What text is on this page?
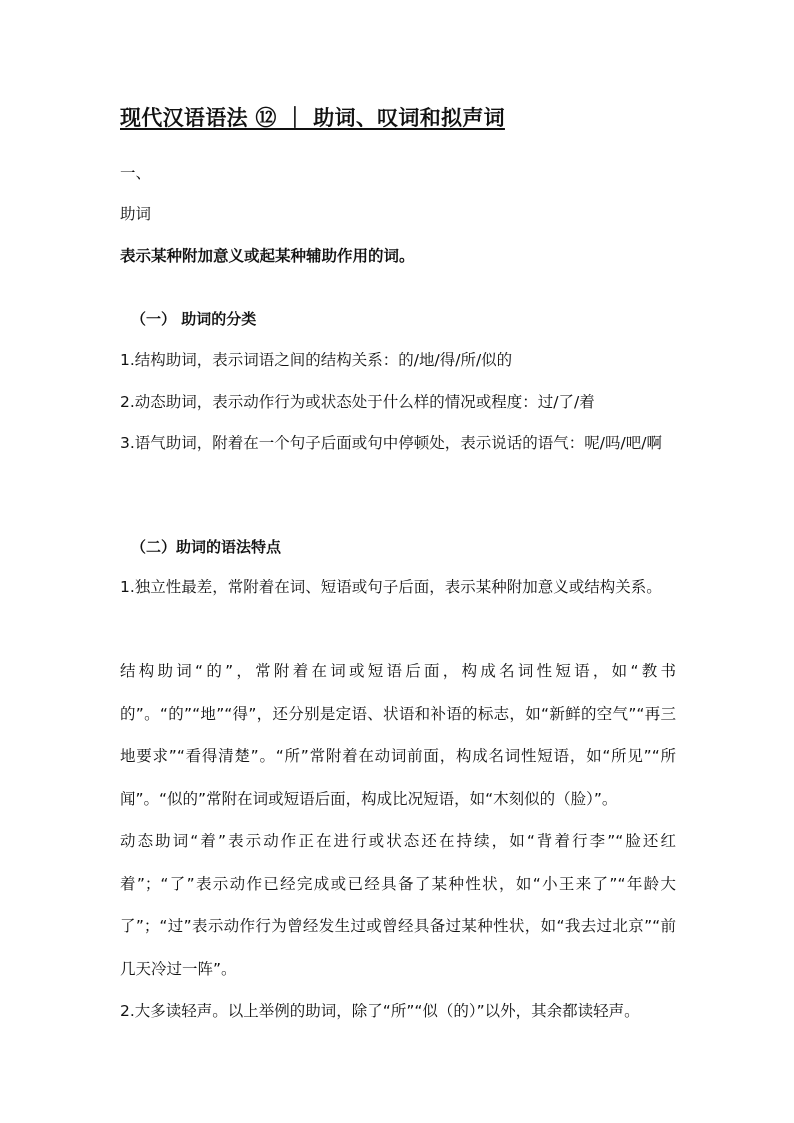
现代汉语语法 ⑫ ｜ 助词、叹词和拟声词
一、
助词
表示某种附加意义或起某种辅助作用的词。
（一） 助词的分类
1.结构助词，表示词语之间的结构关系：的/地/得/所/似的
2.动态助词，表示动作行为或状态处于什么样的情况或程度：过/了/着
3.语气助词，附着在一个句子后面或句中停顿处，表示说话的语气：呢/吗/吧/啊
（二）助词的语法特点
1.独立性最差，常附着在词、短语或句子后面，表示某种附加意义或结构关系。
结构助词“的”，常附着在词或短语后面，构成名词性短语，如“教书的”。“的”“地”“得”，还分别是定语、状语和补语的标志，如“新鲜的空气”“再三地要求”“看得清楚”。“所”常附着在动词前面，构成名词性短语，如“所见”“所闻”。“似的”常附在词或短语后面，构成比况短语，如“木刻似的（脸）”。
动态助词“着”表示动作正在进行或状态还在持续，如“背着行李”“脸还红着”；“了”表示动作已经完成或已经具备了某种性状，如“小王来了”“年龄大了”；“过”表示动作行为曾经发生过或曾经具备过某种性状，如“我去过北京”“前几天冷过一阵”。
2.大多读轻声。以上举例的助词，除了“所”“似（的）”以外，其余都读轻声。
